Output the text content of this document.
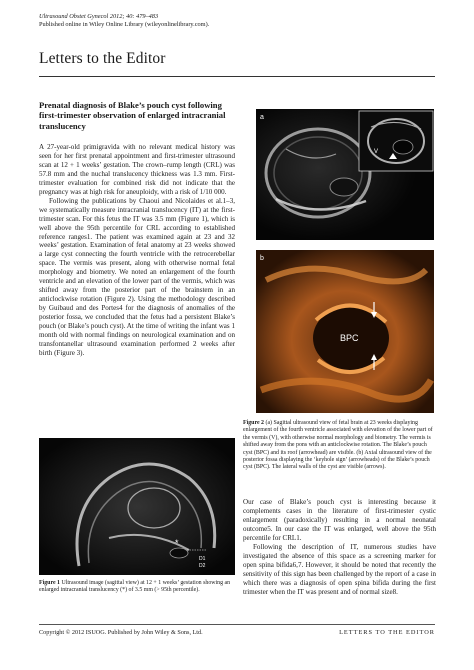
Ultrasound Obstet Gynecol 2012; 40: 479–483
Published online in Wiley Online Library (wileyonlinelibrary.com).
Letters to the Editor
Prenatal diagnosis of Blake’s pouch cyst following first-trimester observation of enlarged intracranial translucency

A 27-year-old primigravida with no relevant medical history was seen for her first prenatal appointment and first-trimester ultrasound scan at 12 + 1 weeks’ gestation. The crown–rump length (CRL) was 57.8 mm and the nuchal translucency thickness was 1.3 mm. First-trimester evaluation for combined risk did not indicate that the pregnancy was at high risk for aneuploidy, with a risk of 1/10 000.

Following the publications by Chaoui and Nicolaides et al.1–3, we systematically measure intracranial translucency (IT) at the first-trimester scan. For this fetus the IT was 3.5 mm (Figure 1), which is well above the 95th percentile for CRL according to established reference ranges1. The patient was examined again at 23 and 32 weeks’ gestation. Examination of fetal anatomy at 23 weeks showed a large cyst connecting the fourth ventricle with the retrocerebellar space. The vermis was present, along with otherwise normal fetal morphology and biometry. We noted an enlargement of the fourth ventricle and an elevation of the lower part of the vermis, which was shifted away from the posterior part of the brainstem in an anticlockwise rotation (Figure 2). Using the methodology described by Guibaud and des Portes4 for the diagnosis of anomalies of the posterior fossa, we concluded that the fetus had a persistent Blake’s pouch (or Blake’s pouch cyst). At the time of writing the infant was 1 month old with normal findings on neurological examination and on transfontanellar ultrasound examination performed 2 weeks after birth (Figure 3).

V
a
BPC
b
Figure 2 (a) Sagittal ultrasound view of fetal brain at 23 weeks displaying enlargement of the fourth ventricle associated with elevation of the lower part of the vermis (V), with otherwise normal morphology and biometry. The vermis is shifted away from the pons with an anticlockwise rotation. The Blake’s pouch cyst (BPC) and its roof (arrowhead) are visible. (b) Axial ultrasound view of the posterior fossa displaying the ‘keyhole sign’ (arrowheads) of the Blake’s pouch cyst (BPC). The lateral walls of the cyst are visible (arrows).

Our case of Blake’s pouch cyst is interesting because it complements cases in the literature of first-trimester cystic enlargement (paradoxically) resulting in a normal neonatal outcome5. In our case the IT was enlarged, well above the 95th percentile for CRL1.

Following the description of IT, numerous studies have investigated the absence of this space as a screening marker for open spina bifida6,7. However, it should be noted that recently the sensitivity of this sign has been challenged by the report of a case in which there was a diagnosis of open spina bifida during the first trimester when the IT was present and of normal size8.

*
D1
D2
Figure 1 Ultrasound image (sagittal view) at 12 + 1 weeks’ gestation showing an enlarged intracranial translucency (*) of 3.5 mm (> 95th percentile).
Copyright © 2012 ISUOG. Published by John Wiley & Sons, Ltd.	LETTERS TO THE EDITOR
